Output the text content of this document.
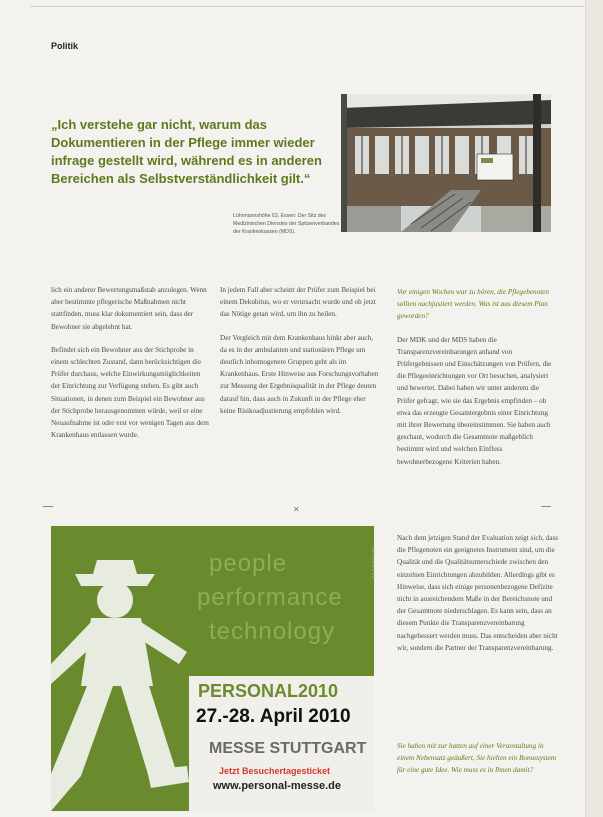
Politik
„Ich verstehe gar nicht, warum das Dokumentieren in der Pflege immer wieder infrage gestellt wird, während es in anderen Bereichen als Selbstverständlichkeit gilt.“
Lührmannshöhe 63, Essen: Der Sitz des Medizinischen Dienstes der Spitzenverbandes der Krankenkassen (MDS).

lich ein anderer Bewertungsmaßstab anzulegen. Wenn aber bestimmte pflegerische Maßnahmen nicht stattfinden, muss klar dokumentiert sein, dass der Bewohner sie abgelehnt hat.

Befindet sich ein Bewohner aus der Stichprobe in einem schlechten Zustand, dann berücksichtigen die Prüfer durchaus, welche Einwirkungsmöglichkeiten der Einrichtung zur Verfügung stehen. Es gibt auch Situationen, in denen zum Beispiel ein Bewohner aus der Stichprobe herausgenommen würde, weil er eine Neuaufnahme ist oder erst vor wenigen Tagen aus dem Krankenhaus entlassen wurde.

In jedem Fall aber scheint der Prüfer zum Beispiel bei einem Dekubitus, wo er verursacht wurde und ob jetzt das Nötige getan wird, um ihn zu heilen.

Der Vergleich mit dem Krankenhaus hinkt aber auch, da es in der ambulanten und stationären Pflege um deutlich inhomogenere Gruppen geht als im Krankenhaus. Erste Hinweise aus Forschungsvorhaben zur Messung der Ergebnisqualität in der Pflege deuten darauf hin, dass auch in Zukunft in der Pflege eher keine Risikoadjustierung empfohlen wird.

Vor einigen Wochen war zu hören, die Pflegebenoten sollten nachjustiert werden. Was ist aus diesem Plan geworden?

Der MDK und der MDS haben die Transparenzvereinbarungen anhand von Prüfergebnissen und Einschätzungen von Prüfern, die die Pflegeeinrichtungen vor Ort besuchen, analysiert und bewertet. Dabei haben wir unter anderem die Prüfer gefragt, wie sie das Ergebnis empfinden – ob etwa das erzeugte Gesamtergebnis einer Einrichtung mit ihrer Bewertung übereinstimmen. Sie haben auch geschaut, wodurch die Gesamtnote maßgeblich bestimmt wird und welchen Einfluss bewohnerbezogene Kriterien haben.

Nach dem jetzigen Stand der Evaluation zeigt sich, dass die Pflegenoten ein geeignetes Instrument sind, um die Qualität und die Qualitätsunterschiede zwischen den einzelnen Einrichtungen abzubilden. Allerdings gibt es Hinweise, dass sich einige personenbezogene Defizite nicht in ausreichendem Maße in der Bereichsnote und der Gesamtnote niederschlagen. Es kann sein, dass an diesem Punkte die Transparenzvereinbarung nachgebessert werden muss. Das entscheiden aber nicht wir, sondern die Partner der Transparenzvereinbarung.

Sie haben mit zur hatten auf einer Veranstaltung in einem Nebensatz geäußert, Sie hielten ein Bonussystem für eine gute Idee. Wie muss es in Ihnen damit?

✕
people
performance
technology
FACHMESSE
PERSONAL2010
27.-28. April 2010
MESSE STUTTGART
Jetzt Besuchertagesticket
www.personal-messe.de
